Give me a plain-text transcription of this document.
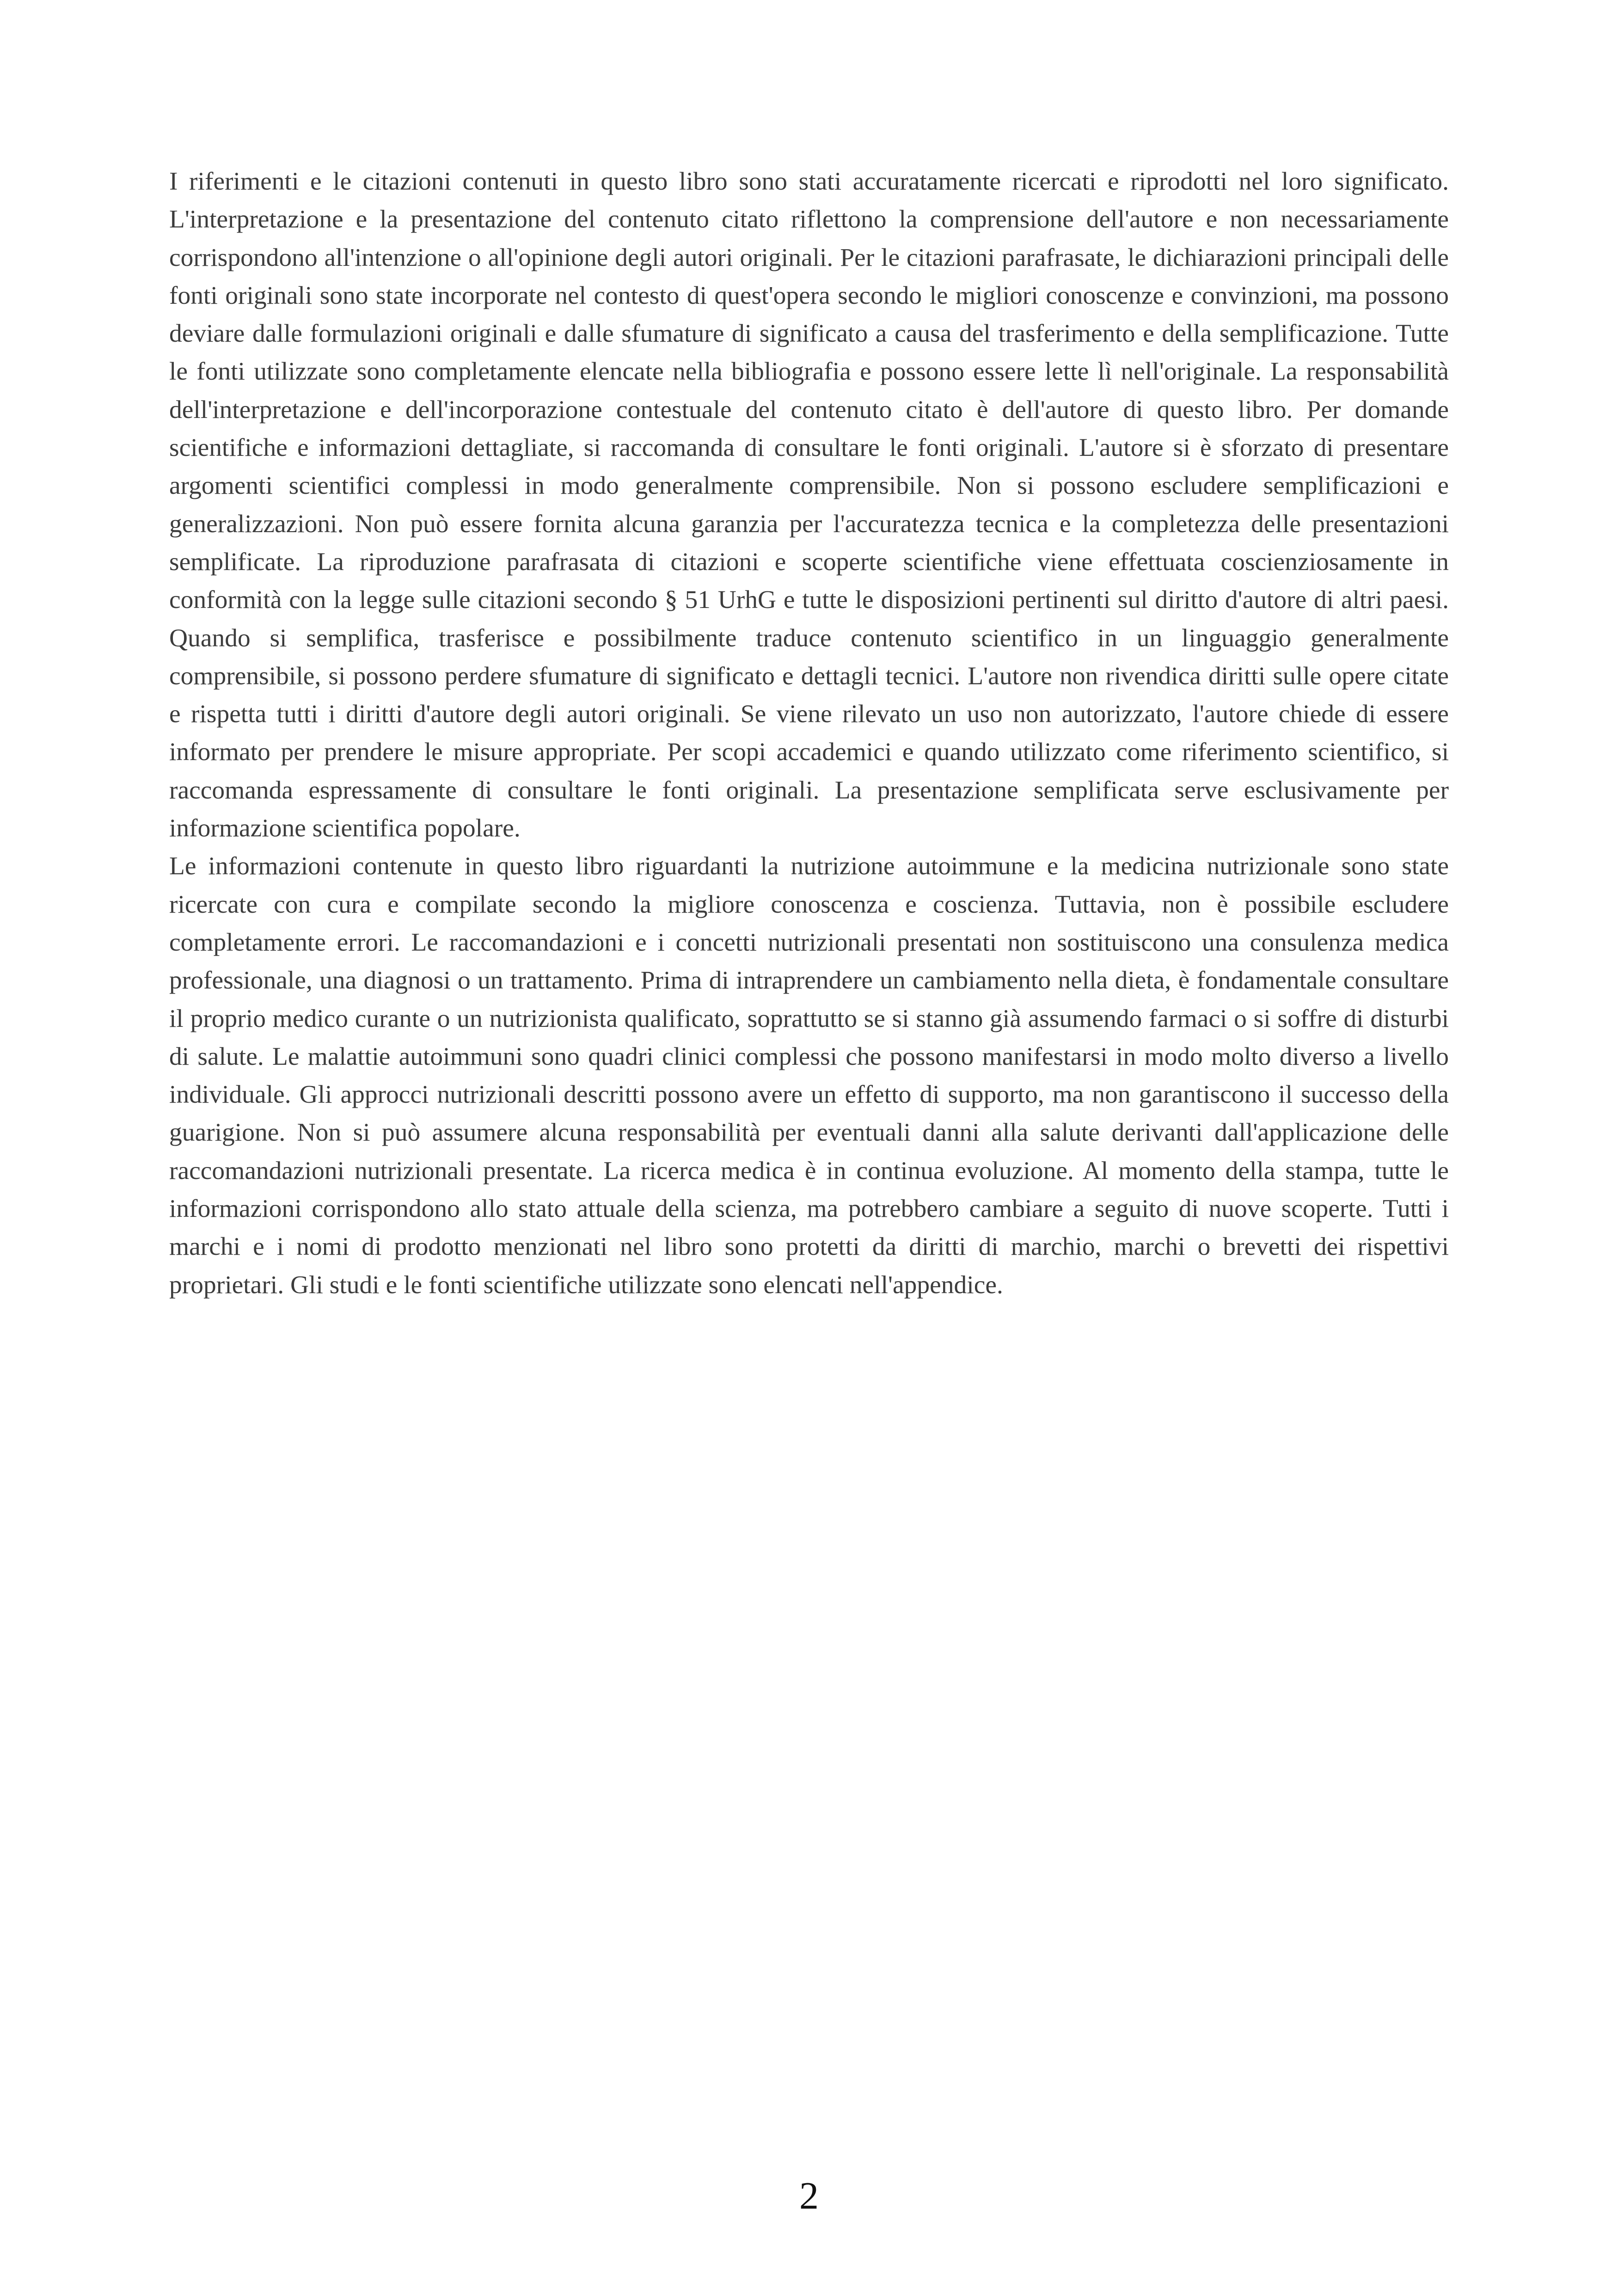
I riferimenti e le citazioni contenuti in questo libro sono stati accuratamente ricercati e riprodotti nel loro significato. L'interpretazione e la presentazione del contenuto citato riflettono la comprensione dell'autore e non necessariamente corrispondono all'intenzione o all'opinione degli autori originali. Per le citazioni parafrasate, le dichiarazioni principali delle fonti originali sono state incorporate nel contesto di quest'opera secondo le migliori conoscenze e convinzioni, ma possono deviare dalle formulazioni originali e dalle sfumature di significato a causa del trasferimento e della semplificazione. Tutte le fonti utilizzate sono completamente elencate nella bibliografia e possono essere lette lì nell'originale. La responsabilità dell'interpretazione e dell'incorporazione contestuale del contenuto citato è dell'autore di questo libro. Per domande scientifiche e informazioni dettagliate, si raccomanda di consultare le fonti originali. L'autore si è sforzato di presentare argomenti scientifici complessi in modo generalmente comprensibile. Non si possono escludere semplificazioni e generalizzazioni. Non può essere fornita alcuna garanzia per l'accuratezza tecnica e la completezza delle presentazioni semplificate. La riproduzione parafrasata di citazioni e scoperte scientifiche viene effettuata coscienziosamente in conformità con la legge sulle citazioni secondo § 51 UrhG e tutte le disposizioni pertinenti sul diritto d'autore di altri paesi. Quando si semplifica, trasferisce e possibilmente traduce contenuto scientifico in un linguaggio generalmente comprensibile, si possono perdere sfumature di significato e dettagli tecnici. L'autore non rivendica diritti sulle opere citate e rispetta tutti i diritti d'autore degli autori originali. Se viene rilevato un uso non autorizzato, l'autore chiede di essere informato per prendere le misure appropriate. Per scopi accademici e quando utilizzato come riferimento scientifico, si raccomanda espressamente di consultare le fonti originali. La presentazione semplificata serve esclusivamente per informazione scientifica popolare.

Le informazioni contenute in questo libro riguardanti la nutrizione autoimmune e la medicina nutrizionale sono state ricercate con cura e compilate secondo la migliore conoscenza e coscienza. Tuttavia, non è possibile escludere completamente errori. Le raccomandazioni e i concetti nutrizionali presentati non sostituiscono una consulenza medica professionale, una diagnosi o un trattamento. Prima di intraprendere un cambiamento nella dieta, è fondamentale consultare il proprio medico curante o un nutrizionista qualificato, soprattutto se si stanno già assumendo farmaci o si soffre di disturbi di salute. Le malattie autoimmuni sono quadri clinici complessi che possono manifestarsi in modo molto diverso a livello individuale. Gli approcci nutrizionali descritti possono avere un effetto di supporto, ma non garantiscono il successo della guarigione. Non si può assumere alcuna responsabilità per eventuali danni alla salute derivanti dall'applicazione delle raccomandazioni nutrizionali presentate. La ricerca medica è in continua evoluzione. Al momento della stampa, tutte le informazioni corrispondono allo stato attuale della scienza, ma potrebbero cambiare a seguito di nuove scoperte. Tutti i marchi e i nomi di prodotto menzionati nel libro sono protetti da diritti di marchio, marchi o brevetti dei rispettivi proprietari. Gli studi e le fonti scientifiche utilizzate sono elencati nell'appendice.

2
